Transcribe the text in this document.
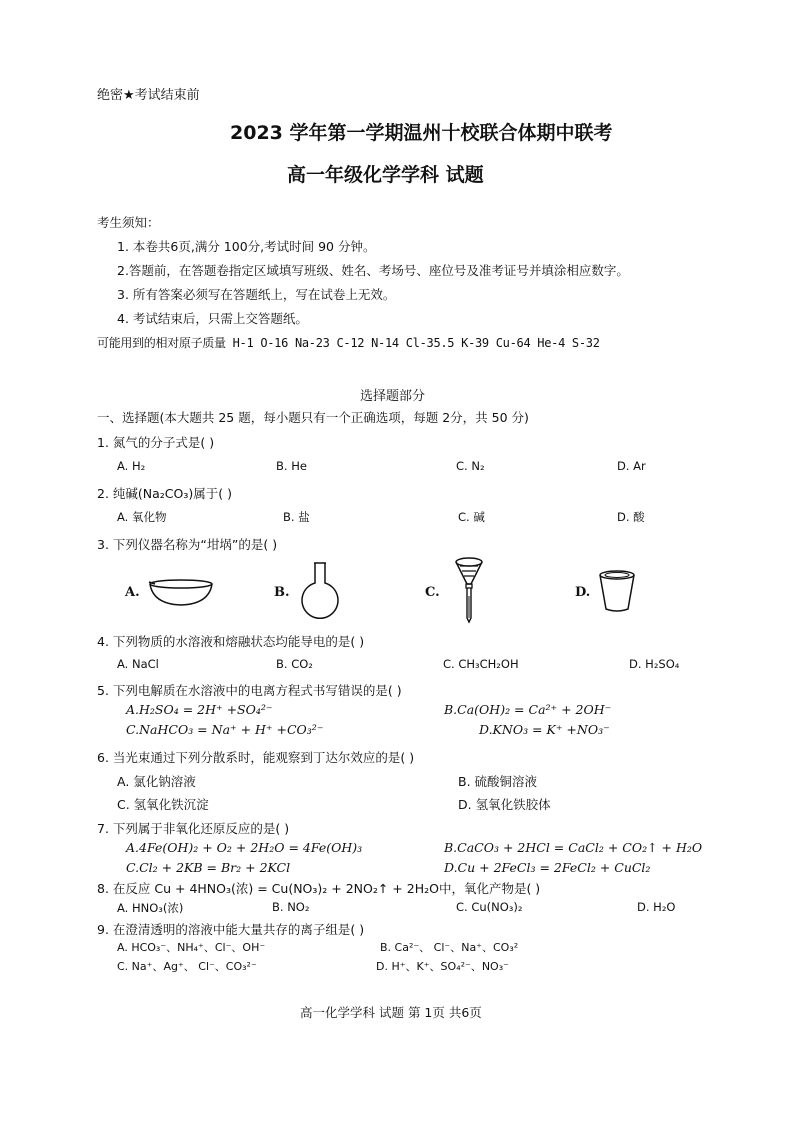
绝密★考试结束前
2023 学年第一学期温州十校联合体期中联考
高一年级化学学科 试题
考生须知：
1. 本卷共6页,满分 100分,考试时间 90 分钟。
2.答题前，在答题卷指定区域填写班级、姓名、考场号、座位号及准考证号并填涂相应数字。
3. 所有答案必须写在答题纸上，写在试卷上无效。
4. 考试结束后，只需上交答题纸。
可能用到的相对原子质量 H-1 O-16 Na-23 C-12 N-14 Cl-35.5 K-39 Cu-64 He-4 S-32
选择题部分
一、选择题(本大题共 25 题，每小题只有一个正确选项，每题 2分，共 50 分)
1. 氮气的分子式是( )
A. H₂	B. He	C. N₂	D. Ar
2. 纯碱(Na₂CO₃)属于( )
A. 氧化物	B. 盐	C. 碱	D. 酸
3. 下列仪器名称为“坩埚”的是( )
A.	B.	C.	D.
4. 下列物质的水溶液和熔融状态均能导电的是( )
A. NaCl	B. CO₂	C. CH₃CH₂OH	D. H₂SO₄
5. 下列电解质在水溶液中的电离方程式书写错误的是( )
A.H₂SO₄ = 2H⁺ +SO₄²⁻	B.Ca(OH)₂ = Ca²⁺ + 2OH⁻
C.NaHCO₃ = Na⁺ + H⁺ +CO₃²⁻	D.KNO₃ = K⁺ +NO₃⁻
6. 当光束通过下列分散系时，能观察到丁达尔效应的是( )
A. 氯化钠溶液	B. 硫酸铜溶液
C. 氢氧化铁沉淀	D. 氢氧化铁胶体
7. 下列属于非氧化还原反应的是( )
A.4Fe(OH)₂ + O₂ + 2H₂O = 4Fe(OH)₃	B.CaCO₃ + 2HCl = CaCl₂ + CO₂↑ + H₂O
C.Cl₂ + 2KB = Br₂ + 2KCl	D.Cu + 2FeCl₃ = 2FeCl₂ + CuCl₂
8. 在反应 Cu + 4HNO₃(浓) = Cu(NO₃)₂ + 2NO₂↑ + 2H₂O中，氧化产物是( )
A. HNO₃(浓)	B. NO₂	C. Cu(NO₃)₂	D. H₂O
9. 在澄清透明的溶液中能大量共存的离子组是( )
A. HCO₃⁻、NH₄⁺、Cl⁻、OH⁻	B. Ca²⁻、 Cl⁻、Na⁺、CO₃²
C. Na⁺、Ag⁺、 Cl⁻、CO₃²⁻	D. H⁺、K⁺、SO₄²⁻、NO₃⁻
高一化学学科 试题 第 1页 共6页
